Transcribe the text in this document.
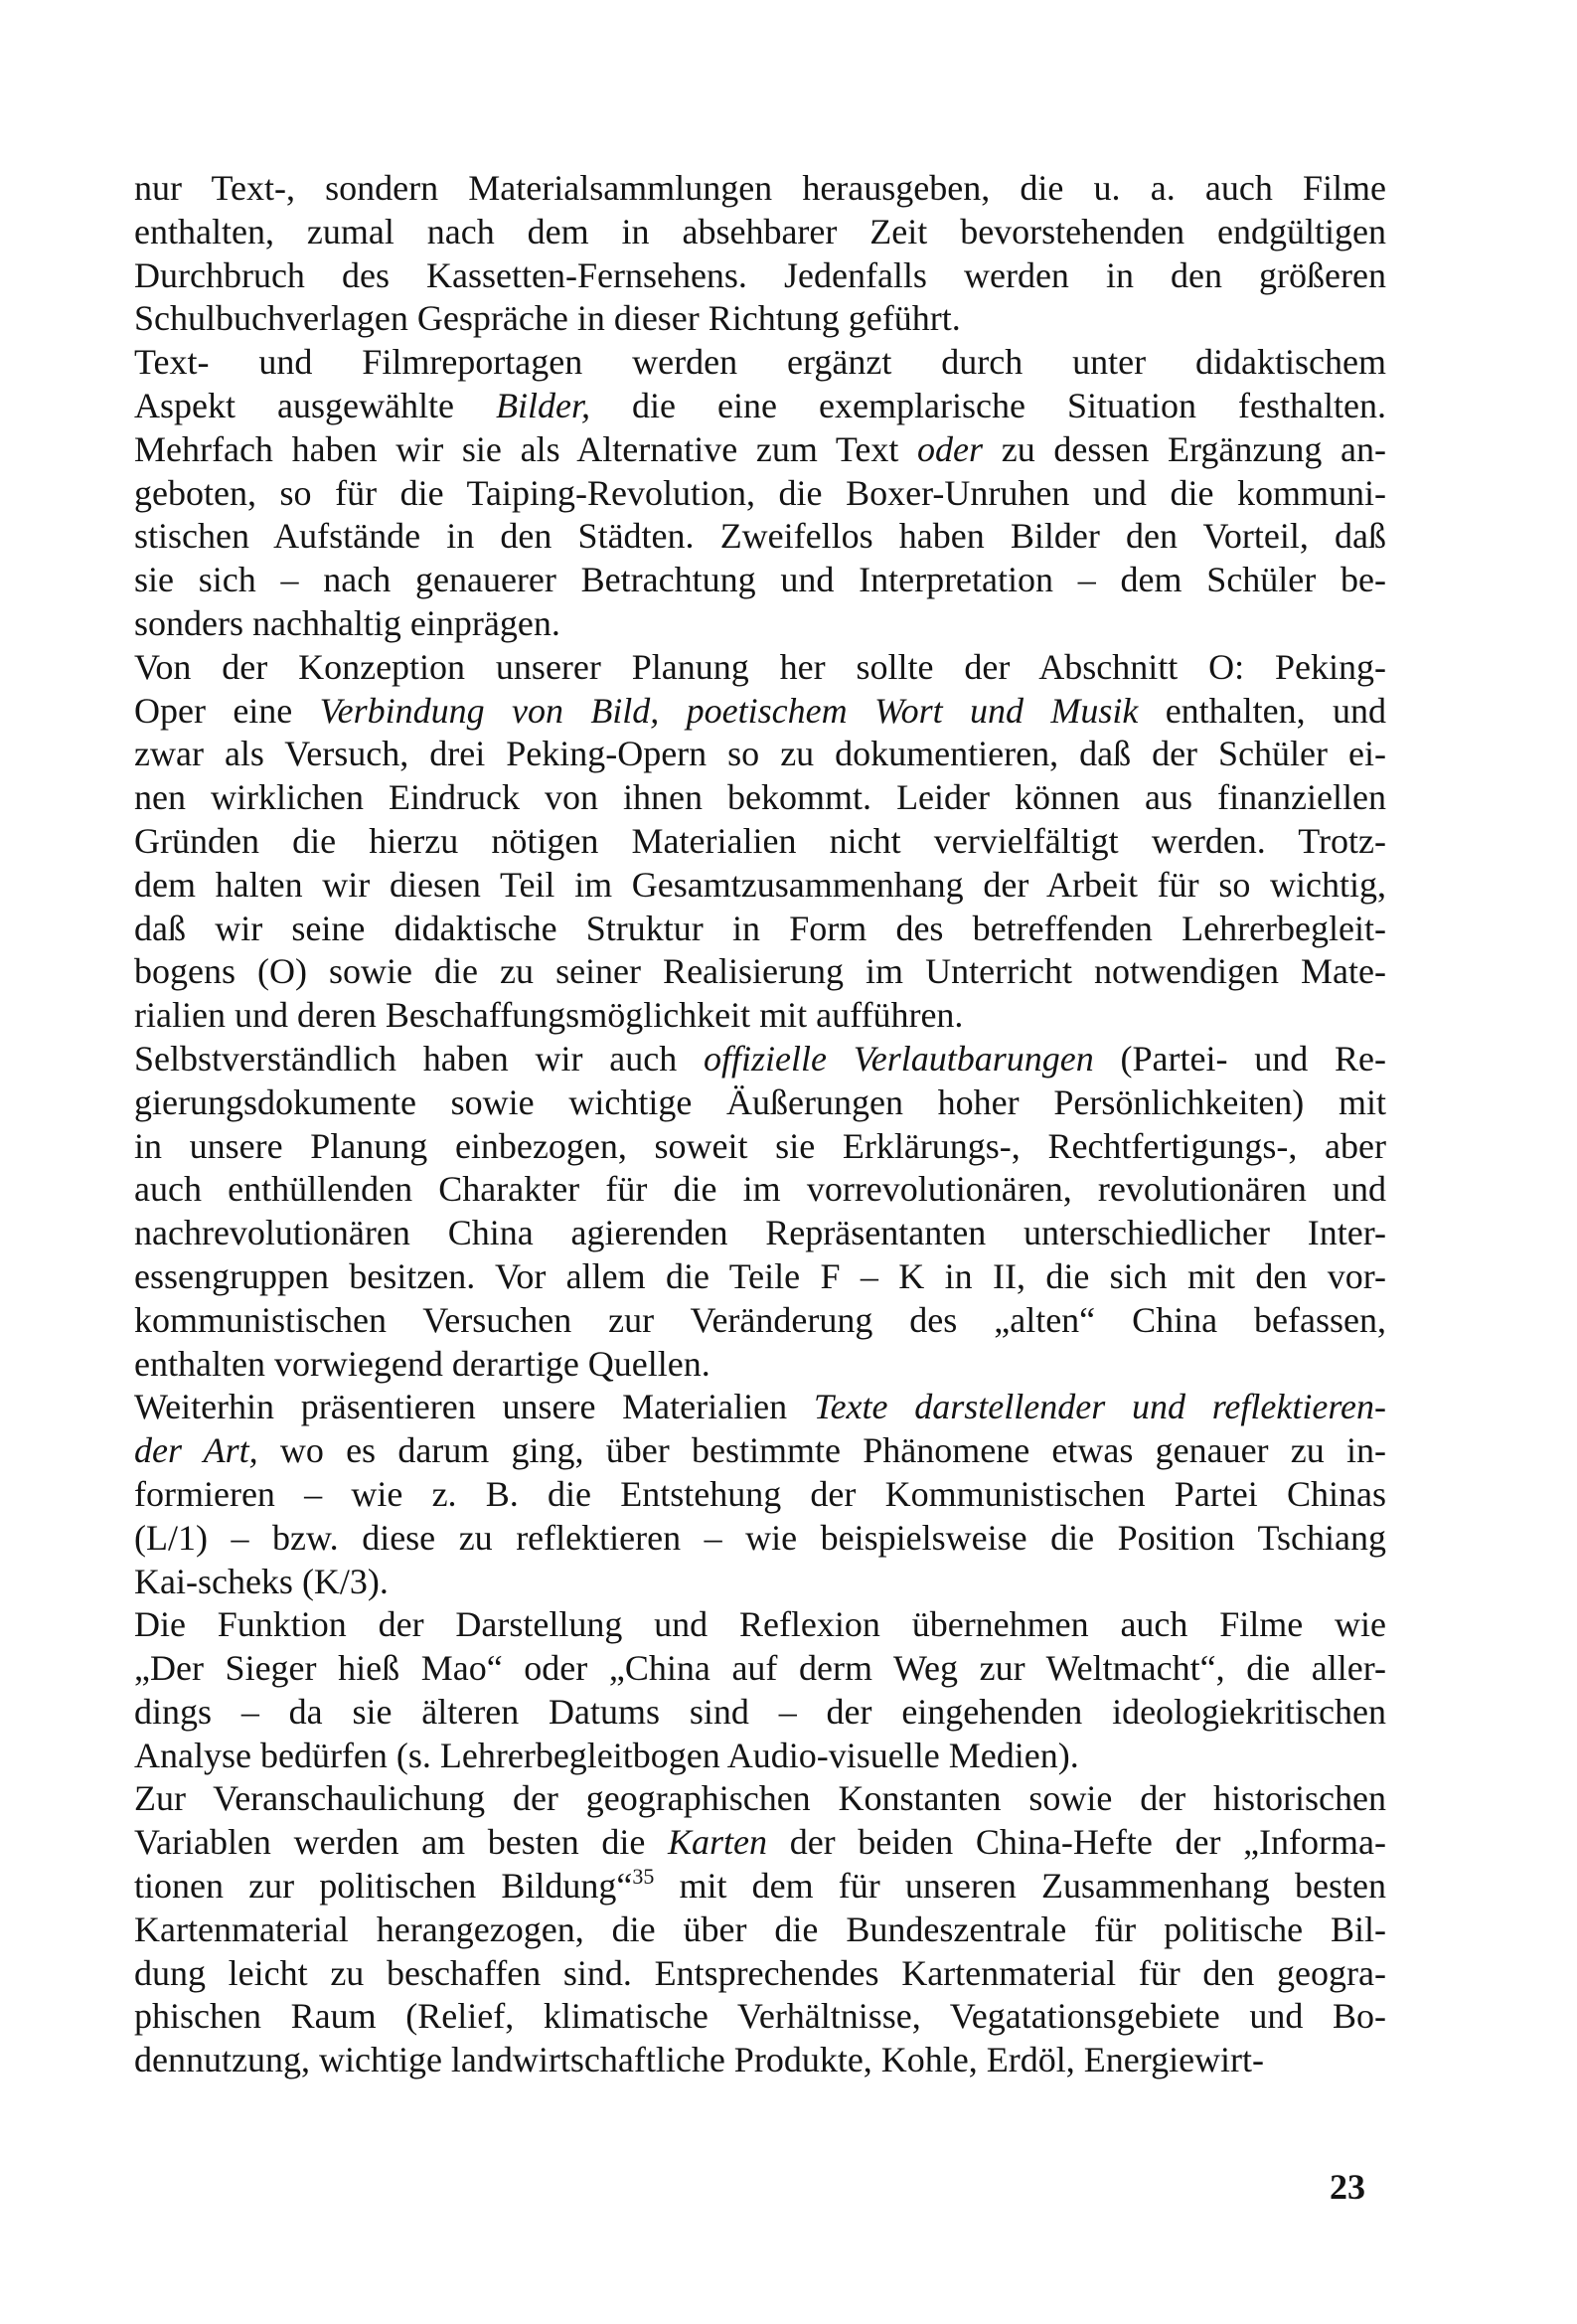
nur Text-, sondern Materialsammlungen herausgeben, die u. a. auch Filme
enthalten, zumal nach dem in absehbarer Zeit bevorstehenden endgültigen
Durchbruch des Kassetten-Fernsehens. Jedenfalls werden in den größeren
Schulbuchverlagen Gespräche in dieser Richtung geführt.
Text- und Filmreportagen werden ergänzt durch unter didaktischem
Aspekt ausgewählte Bilder, die eine exemplarische Situation festhalten.
Mehrfach haben wir sie als Alternative zum Text oder zu dessen Ergänzung an-
geboten, so für die Taiping-Revolution, die Boxer-Unruhen und die kommuni-
stischen Aufstände in den Städten. Zweifellos haben Bilder den Vorteil, daß
sie sich – nach genauerer Betrachtung und Interpretation – dem Schüler be-
sonders nachhaltig einprägen.
Von der Konzeption unserer Planung her sollte der Abschnitt O: Peking-
Oper eine Verbindung von Bild, poetischem Wort und Musik enthalten, und
zwar als Versuch, drei Peking-Opern so zu dokumentieren, daß der Schüler ei-
nen wirklichen Eindruck von ihnen bekommt. Leider können aus finanziellen
Gründen die hierzu nötigen Materialien nicht vervielfältigt werden. Trotz-
dem halten wir diesen Teil im Gesamtzusammenhang der Arbeit für so wichtig,
daß wir seine didaktische Struktur in Form des betreffenden Lehrerbegleit-
bogens (O) sowie die zu seiner Realisierung im Unterricht notwendigen Mate-
rialien und deren Beschaffungsmöglichkeit mit aufführen.
Selbstverständlich haben wir auch offizielle Verlautbarungen (Partei- und Re-
gierungsdokumente sowie wichtige Äußerungen hoher Persönlichkeiten) mit
in unsere Planung einbezogen, soweit sie Erklärungs-, Rechtfertigungs-, aber
auch enthüllenden Charakter für die im vorrevolutionären, revolutionären und
nachrevolutionären China agierenden Repräsentanten unterschiedlicher Inter-
essengruppen besitzen. Vor allem die Teile F – K in II, die sich mit den vor-
kommunistischen Versuchen zur Veränderung des „alten“ China befassen,
enthalten vorwiegend derartige Quellen.
Weiterhin präsentieren unsere Materialien Texte darstellender und reflektieren-
der Art, wo es darum ging, über bestimmte Phänomene etwas genauer zu in-
formieren – wie z. B. die Entstehung der Kommunistischen Partei Chinas
(L/1) – bzw. diese zu reflektieren – wie beispielsweise die Position Tschiang
Kai-scheks (K/3).
Die Funktion der Darstellung und Reflexion übernehmen auch Filme wie
„Der Sieger hieß Mao“ oder „China auf derm Weg zur Weltmacht“, die aller-
dings – da sie älteren Datums sind – der eingehenden ideologiekritischen
Analyse bedürfen (s. Lehrerbegleitbogen Audio-visuelle Medien).
Zur Veranschaulichung der geographischen Konstanten sowie der historischen
Variablen werden am besten die Karten der beiden China-Hefte der „Informa-
tionen zur politischen Bildung“$^{35}$ mit dem für unseren Zusammenhang besten
Kartenmaterial herangezogen, die über die Bundeszentrale für politische Bil-
dung leicht zu beschaffen sind. Entsprechendes Kartenmaterial für den geogra-
phischen Raum (Relief, klimatische Verhältnisse, Vegatationsgebiete und Bo-
dennutzung, wichtige landwirtschaftliche Produkte, Kohle, Erdöl, Energiewirt-
23
